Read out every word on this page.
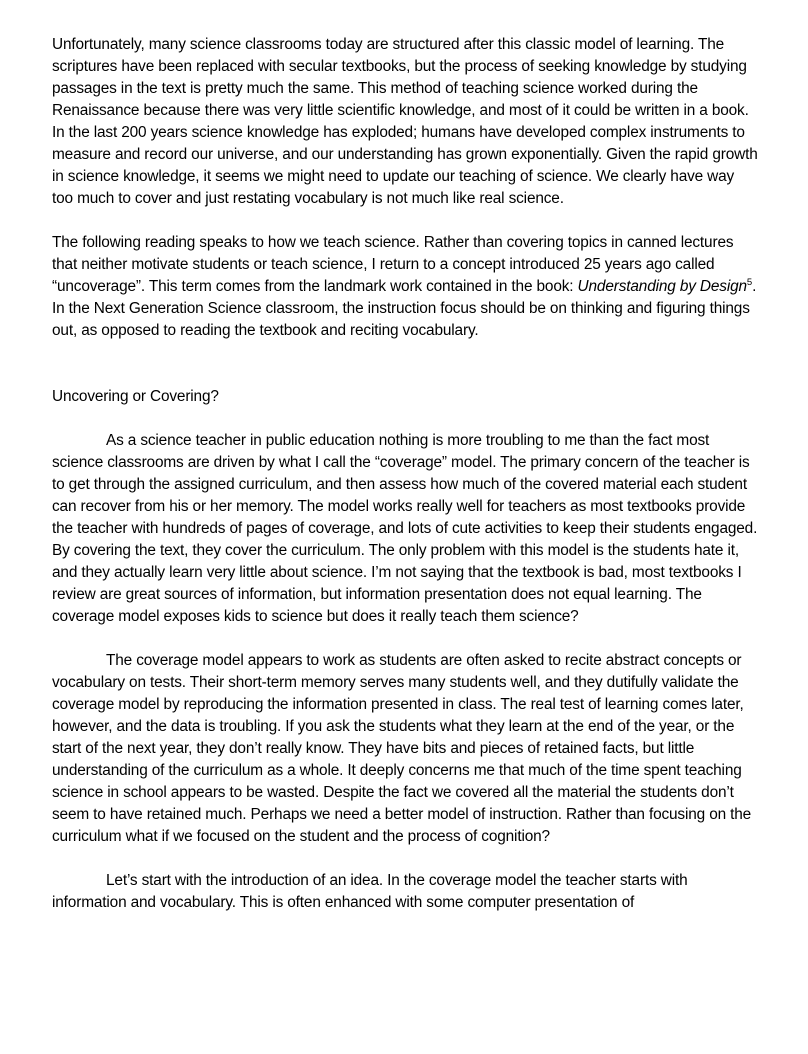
Unfortunately, many science classrooms today are structured after this classic model of learning. The scriptures have been replaced with secular textbooks, but the process of seeking knowledge by studying passages in the text is pretty much the same. This method of teaching science worked during the Renaissance because there was very little scientific knowledge, and most of it could be written in a book. In the last 200 years science knowledge has exploded; humans have developed complex instruments to measure and record our universe, and our understanding has grown exponentially. Given the rapid growth in science knowledge, it seems we might need to update our teaching of science. We clearly have way too much to cover and just restating vocabulary is not much like real science.

The following reading speaks to how we teach science. Rather than covering topics in canned lectures that neither motivate students or teach science, I return to a concept introduced 25 years ago called “uncoverage”. This term comes from the landmark work contained in the book: Understanding by Design$^5$. In the Next Generation Science classroom, the instruction focus should be on thinking and figuring things out, as opposed to reading the textbook and reciting vocabulary.

Uncovering or Covering?

As a science teacher in public education nothing is more troubling to me than the fact most science classrooms are driven by what I call the “coverage” model. The primary concern of the teacher is to get through the assigned curriculum, and then assess how much of the covered material each student can recover from his or her memory. The model works really well for teachers as most textbooks provide the teacher with hundreds of pages of coverage, and lots of cute activities to keep their students engaged. By covering the text, they cover the curriculum. The only problem with this model is the students hate it, and they actually learn very little about science. I’m not saying that the textbook is bad, most textbooks I review are great sources of information, but information presentation does not equal learning. The coverage model exposes kids to science but does it really teach them science?

The coverage model appears to work as students are often asked to recite abstract concepts or vocabulary on tests. Their short-term memory serves many students well, and they dutifully validate the coverage model by reproducing the information presented in class. The real test of learning comes later, however, and the data is troubling. If you ask the students what they learn at the end of the year, or the start of the next year, they don’t really know. They have bits and pieces of retained facts, but little understanding of the curriculum as a whole. It deeply concerns me that much of the time spent teaching science in school appears to be wasted. Despite the fact we covered all the material the students don’t seem to have retained much. Perhaps we need a better model of instruction. Rather than focusing on the curriculum what if we focused on the student and the process of cognition?

Let’s start with the introduction of an idea. In the coverage model the teacher starts with information and vocabulary. This is often enhanced with some computer presentation of
